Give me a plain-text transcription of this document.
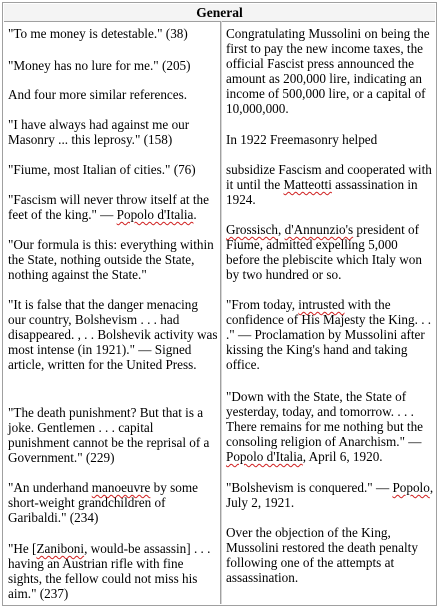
General

"To me money is detestable." (38)

"Money has no lure for me." (205)

And four more similar references.

"I have always had against me our Masonry ... this leprosy." (158)

"Fiume, most Italian of cities." (76)

"Fascism will never throw itself at the feet of the king." — Popolo d'Italia.

"Our formula is this: everything within the State, nothing outside the State, nothing against the State."

"It is false that the danger menacing our country, Bolshevism . . . had disappeared. , . . Bolshevik activity was most intense (in 1921)." — Signed article, written for the United Press.

"The death punishment? But that is a joke. Gentlemen . . . capital punishment cannot be the reprisal of a Government." (229)

"An underhand manoeuvre by some short-weight grandchildren of Garibaldi." (234)

"He [Zaniboni, would-be assassin] . . . having an Austrian rifle with fine sights, the fellow could not miss his aim." (237)

Congratulating Mussolini on being the first to pay the new income taxes, the official Fascist press announced the amount as 200,000 lire, indicating an income of 500,000 lire, or a capital of 10,000,000.

In 1922 Freemasonry helped

subsidize Fascism and cooperated with it until the Matteotti assassination in 1924.

Grossisch, d'Annunzio's president of Fiume, admitted expelling 5,000 before the plebiscite which Italy won by two hundred or so.

"From today, intrusted with the confidence of His Majesty the King. . . ." — Proclamation by Mussolini after kissing the King's hand and taking office.

"Down with the State, the State of yesterday, today, and tomorrow. . . . There remains for me nothing but the consoling religion of Anarchism." — Popolo d'Italia, April 6, 1920.

"Bolshevism is conquered." — Popolo, July 2, 1921.

Over the objection of the King, Mussolini restored the death penalty following one of the attempts at assassination.
